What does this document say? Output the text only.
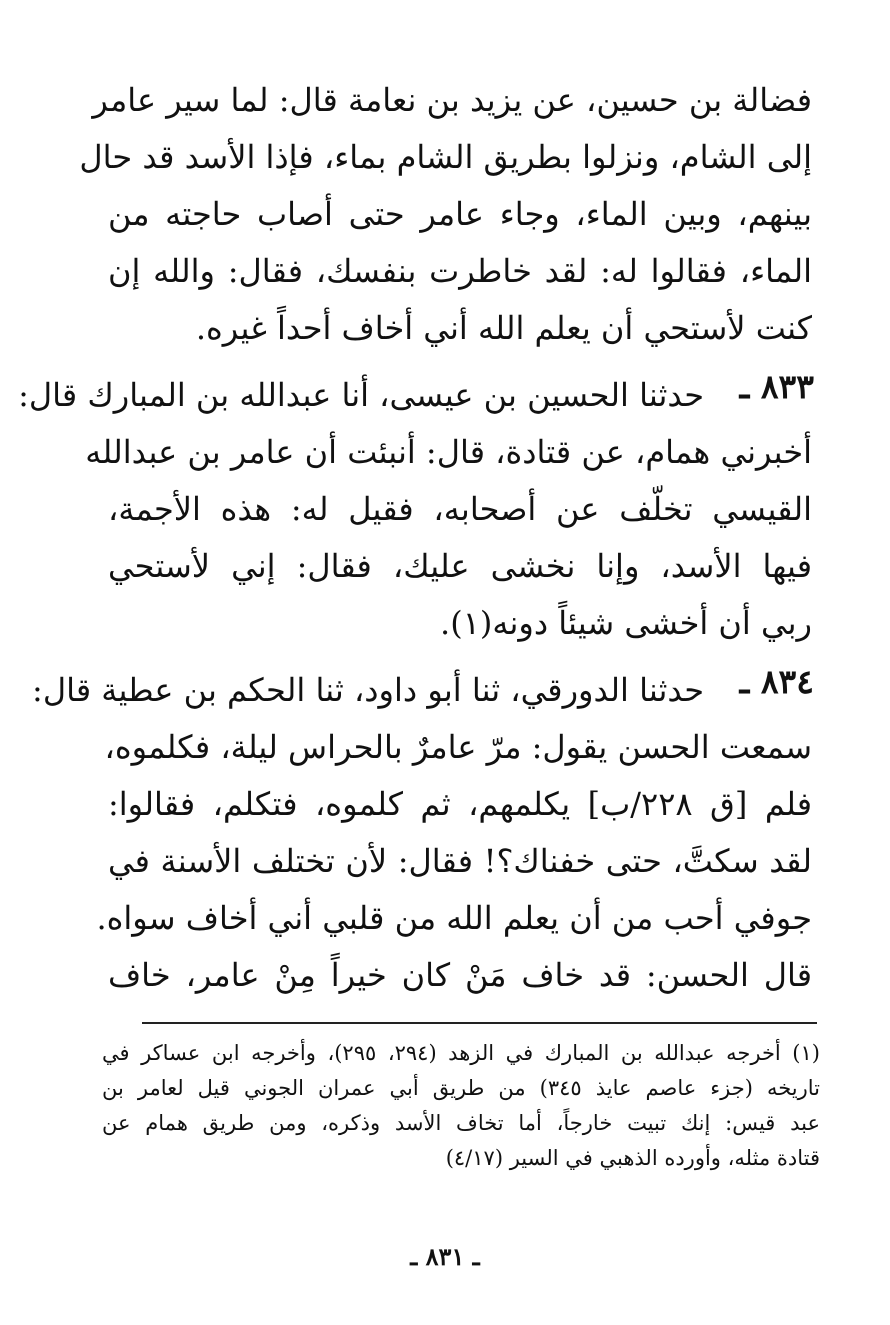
فضالة بن حسين، عن يزيد بن نعامة قال: لما سير عامر
إلى الشام، ونزلوا بطريق الشام بماء، فإذا الأسد قد حال
بينهم، وبين الماء، وجاء عامر حتى أصاب حاجته من
الماء، فقالوا له: لقد خاطرت بنفسك، فقال: والله إن
كنت لأستحي أن يعلم الله أني أخاف أحداً غيره.
٨٣٣ ـ
حدثنا الحسين بن عيسى، أنا عبدالله بن المبارك قال:
أخبرني همام، عن قتادة، قال: أنبئت أن عامر بن عبدالله
القيسي تخلّف عن أصحابه، فقيل له: هذه الأجمة،
فيها الأسد، وإنا نخشى عليك، فقال: إني لأستحي
ربي أن أخشى شيئاً دونه(١).
٨٣٤ ـ
حدثنا الدورقي، ثنا أبو داود، ثنا الحكم بن عطية قال:
سمعت الحسن يقول: مرّ عامرٌ بالحراس ليلة، فكلموه،
فلم [ق ٢٢٨/ب] يكلمهم، ثم كلموه، فتكلم، فقالوا:
لقد سكتَّ، حتى خفناك؟! فقال: لأن تختلف الأسنة في
جوفي أحب من أن يعلم الله من قلبي أني أخاف سواه.
قال الحسن: قد خاف مَنْ كان خيراً مِنْ عامر، خاف
(١) أخرجه عبدالله بن المبارك في الزهد (٢٩٤، ٢٩٥)، وأخرجه ابن عساكر في
تاريخه (جزء عاصم عايذ ٣٤٥) من طريق أبي عمران الجوني قيل لعامر بن
عبد قيس: إنك تبيت خارجاً، أما تخاف الأسد وذكره، ومن طريق همام عن
قتادة مثله، وأورده الذهبي في السير (٤/١٧)
ـ ٨٣١ ـ
